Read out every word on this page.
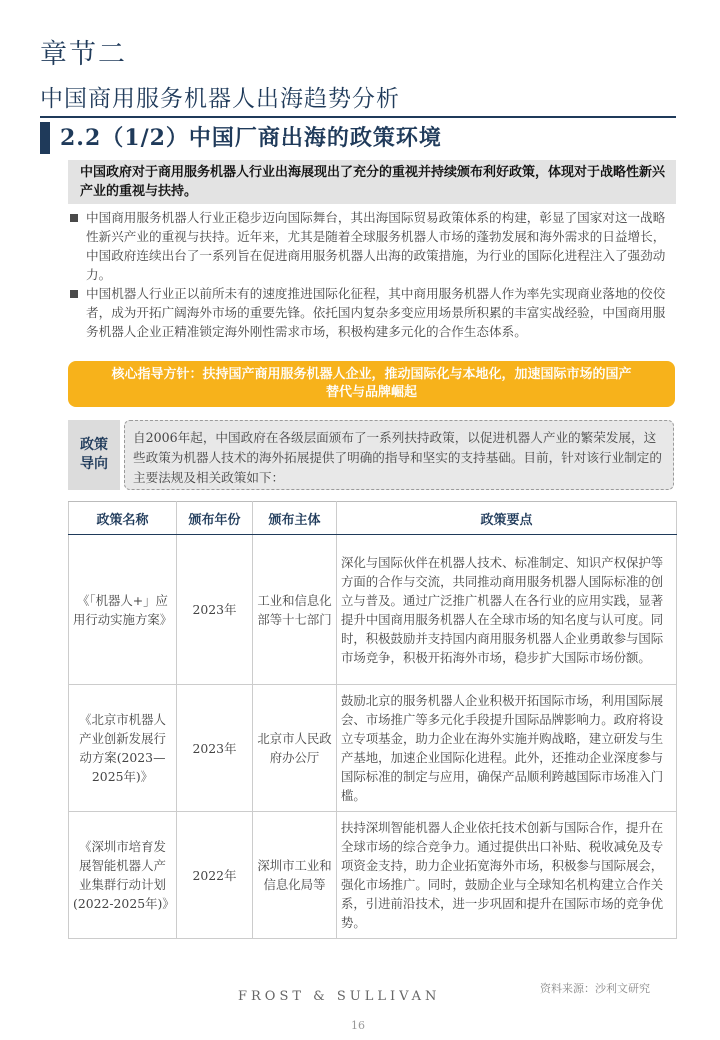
章节二
中国商用服务机器人出海趋势分析
2.2（1/2）中国厂商出海的政策环境
中国政府对于商用服务机器人行业出海展现出了充分的重视并持续颁布利好政策，体现对于战略性新兴产业的重视与扶持。
中国商用服务机器人行业正稳步迈向国际舞台，其出海国际贸易政策体系的构建，彰显了国家对这一战略性新兴产业的重视与扶持。近年来，尤其是随着全球服务机器人市场的蓬勃发展和海外需求的日益增长，中国政府连续出台了一系列旨在促进商用服务机器人出海的政策措施，为行业的国际化进程注入了强劲动力。
中国机器人行业正以前所未有的速度推进国际化征程，其中商用服务机器人作为率先实现商业落地的佼佼者，成为开拓广阔海外市场的重要先锋。依托国内复杂多变应用场景所积累的丰富实战经验，中国商用服务机器人企业正精准锁定海外刚性需求市场，积极构建多元化的合作生态体系。
核心指导方针：扶持国产商用服务机器人企业，推动国际化与本地化，加速国际市场的国产替代与品牌崛起
政策导向
自2006年起，中国政府在各级层面颁布了一系列扶持政策，以促进机器人产业的繁荣发展，这些政策为机器人技术的海外拓展提供了明确的指导和坚实的支持基础。目前，针对该行业制定的主要法规及相关政策如下：
政策名称	颁布年份	颁布主体	政策要点
《「机器人+」应用行动实施方案》	2023年	工业和信息化部等十七部门	深化与国际伙伴在机器人技术、标准制定、知识产权保护等方面的合作与交流，共同推动商用服务机器人国际标准的创立与普及。通过广泛推广机器人在各行业的应用实践，显著提升中国商用服务机器人在全球市场的知名度与认可度。同时，积极鼓励并支持国内商用服务机器人企业勇敢参与国际市场竞争，积极开拓海外市场，稳步扩大国际市场份额。
《北京市机器人产业创新发展行动方案(2023—2025年)》	2023年	北京市人民政府办公厅	鼓励北京的服务机器人企业积极开拓国际市场，利用国际展会、市场推广等多元化手段提升国际品牌影响力。政府将设立专项基金，助力企业在海外实施并购战略，建立研发与生产基地，加速企业国际化进程。此外，还推动企业深度参与国际标准的制定与应用，确保产品顺利跨越国际市场准入门槛。
《深圳市培育发展智能机器人产业集群行动计划(2022-2025年)》	2022年	深圳市工业和信息化局等	扶持深圳智能机器人企业依托技术创新与国际合作，提升在全球市场的综合竞争力。通过提供出口补贴、税收减免及专项资金支持，助力企业拓宽海外市场，积极参与国际展会，强化市场推广。同时，鼓励企业与全球知名机构建立合作关系，引进前沿技术，进一步巩固和提升在国际市场的竞争优势。
资料来源：沙利文研究
FROST & SULLIVAN
16
